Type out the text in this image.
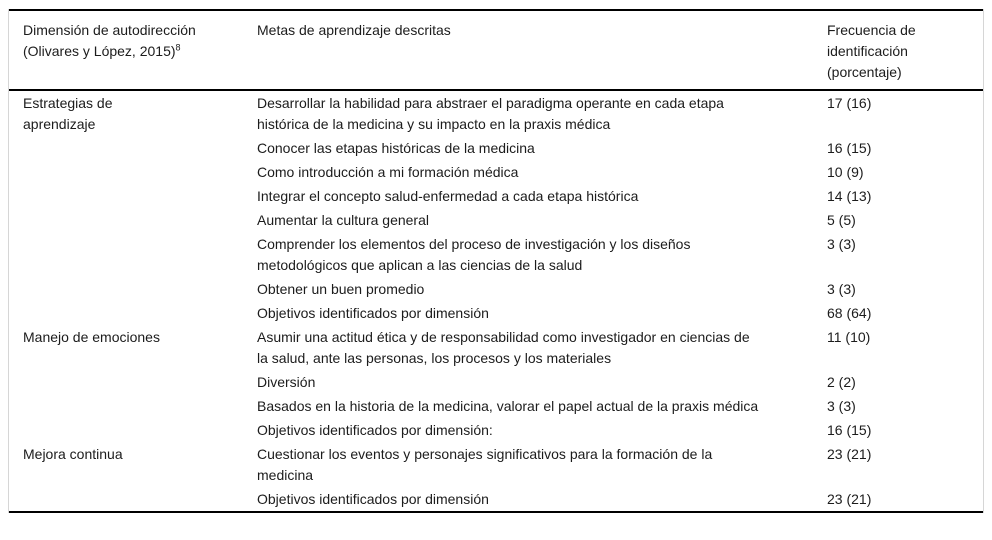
Dimensión de autodirección (Olivares y López, 2015)$^8$	Metas de aprendizaje descritas	Frecuencia de identificación (porcentaje)

Estrategias de
aprendizaje	Desarrollar la habilidad para abstraer el paradigma operante en cada etapa histórica de la medicina y su impacto en la praxis médica	17 (16)
	Conocer las etapas históricas de la medicina	16 (15)
	Como introducción a mi formación médica	10 (9)
	Integrar el concepto salud-enfermedad a cada etapa histórica	14 (13)
	Aumentar la cultura general	5 (5)
	Comprender los elementos del proceso de investigación y los diseños metodológicos que aplican a las ciencias de la salud	3 (3)
	Obtener un buen promedio	3 (3)
	Objetivos identificados por dimensión	68 (64)

Manejo de emociones	Asumir una actitud ética y de responsabilidad como investigador en ciencias de la salud, ante las personas, los procesos y los materiales	11 (10)
	Diversión	2 (2)
	Basados en la historia de la medicina, valorar el papel actual de la praxis médica	3 (3)
	Objetivos identificados por dimensión:	16 (15)

Mejora continua	Cuestionar los eventos y personajes significativos para la formación de la medicina	23 (21)
	Objetivos identificados por dimensión	23 (21)
